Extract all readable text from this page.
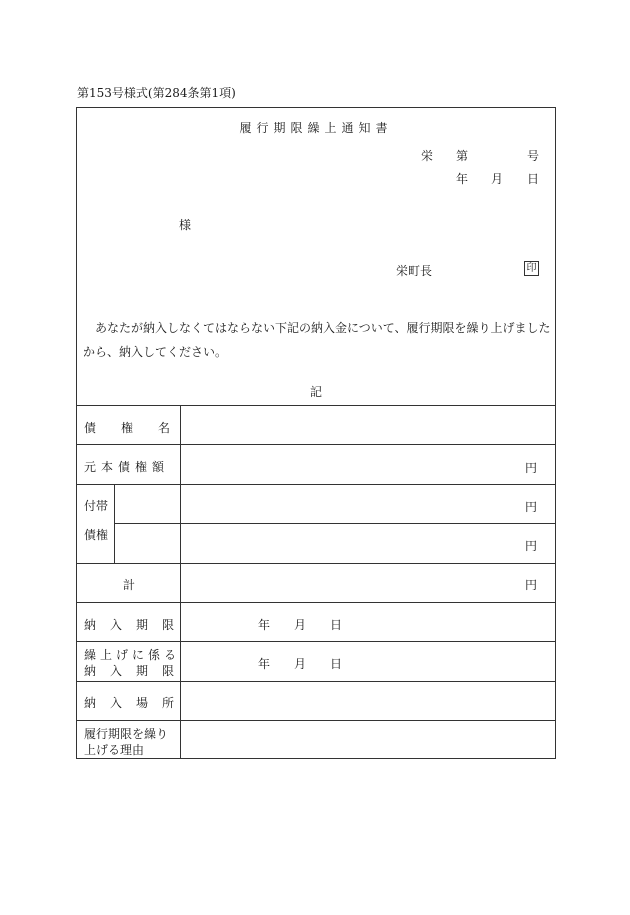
第153号様式(第284条第1項)
履行期限繰上通知書
栄 第	号
年 月 日
様
栄町長	印
あなたが納入しなくてはならない下記の納入金について、履行期限を繰り上げましたから、納入してください。
記
債権名
元本債権額
付帯
債権
計
納入期限
繰上げに係る
納入期限
納入場所
履行期限を繰り
上げる理由
円
円
円
円
年 月 日
年 月 日
